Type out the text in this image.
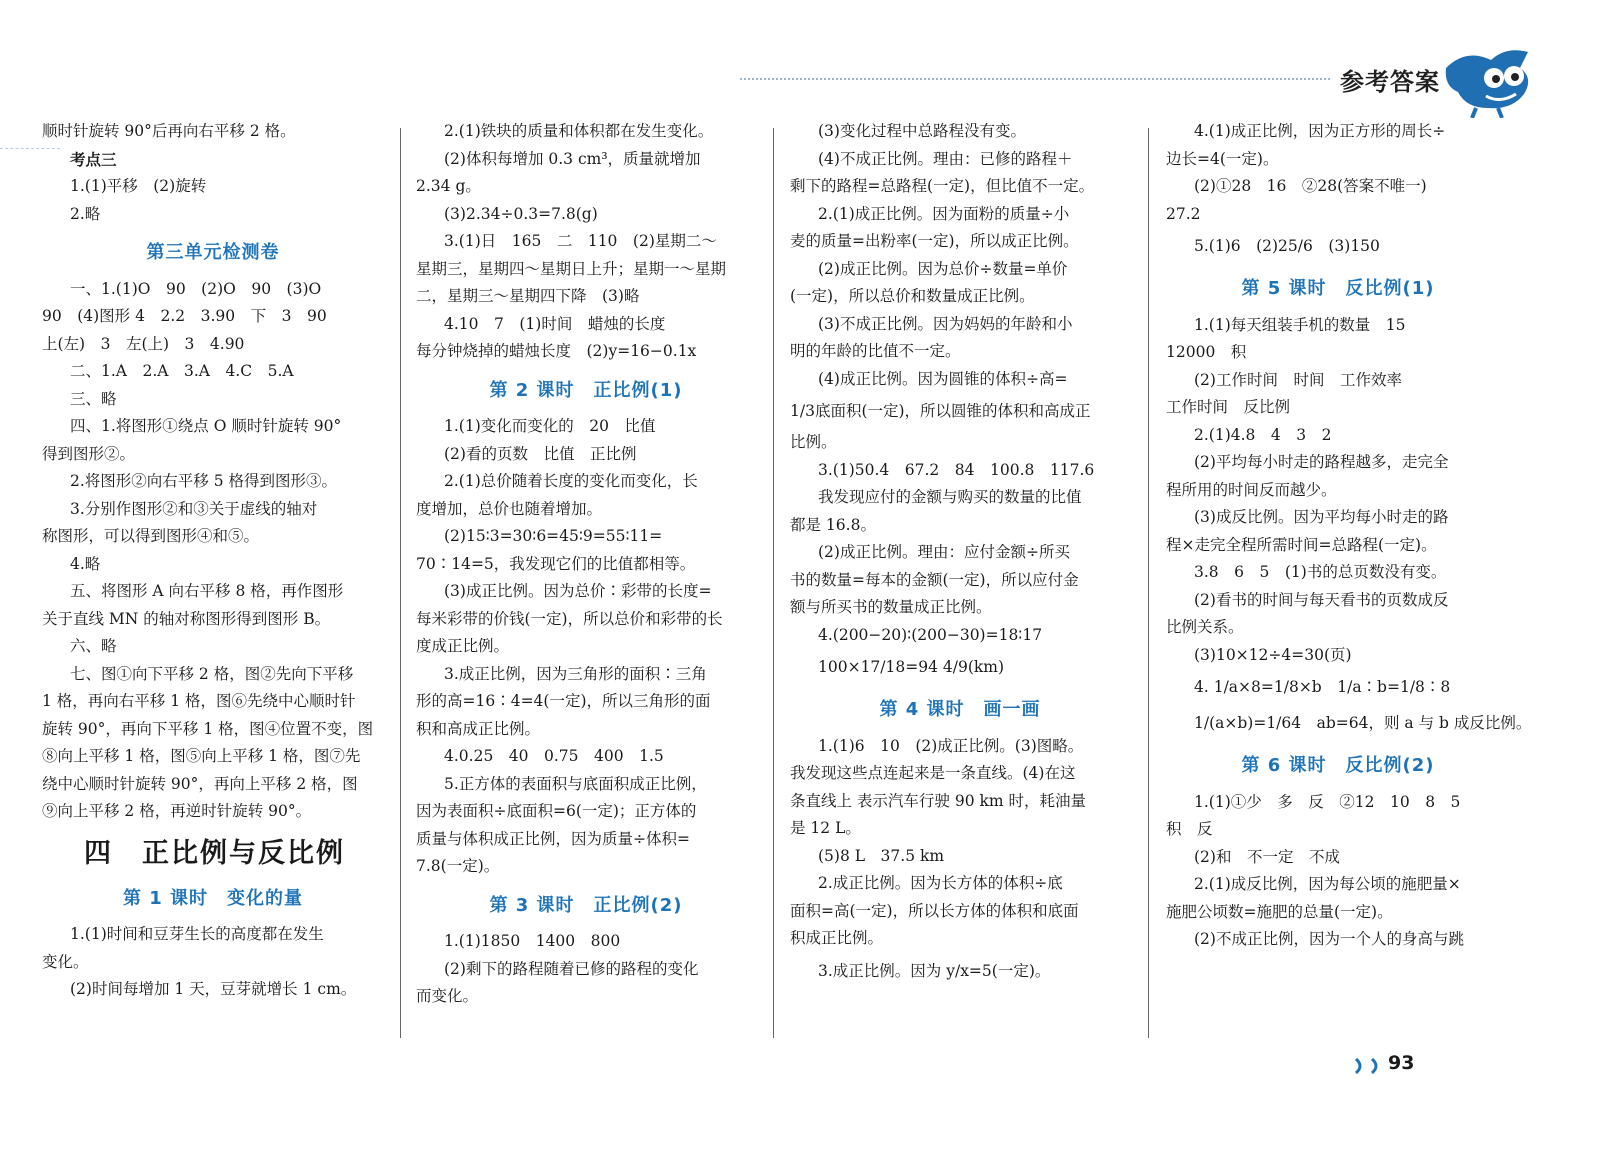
参考答案
顺时针旋转 90°后再向右平移 2 格。
考点三
1.(1)平移　(2)旋转
2.略
第三单元检测卷
一、1.(1)O　90　(2)O　90　(3)O
90　(4)图形 4　2.2　3.90　下　3　90
上(左)　3　左(上)　3　4.90
二、1.A　2.A　3.A　4.C　5.A
三、略
四、1.将图形①绕点 O 顺时针旋转 90°
得到图形②。
2.将图形②向右平移 5 格得到图形③。
3.分别作图形②和③关于虚线的轴对
称图形，可以得到图形④和⑤。
4.略
五、将图形 A 向右平移 8 格，再作图形
关于直线 MN 的轴对称图形得到图形 B。
六、略
七、图①向下平移 2 格，图②先向下平移
1 格，再向右平移 1 格，图⑥先绕中心顺时针
旋转 90°，再向下平移 1 格，图④位置不变，图
⑧向上平移 1 格，图⑤向上平移 1 格，图⑦先
绕中心顺时针旋转 90°，再向上平移 2 格，图
⑨向上平移 2 格，再逆时针旋转 90°。
四　正比例与反比例
第 1 课时　变化的量
1.(1)时间和豆芽生长的高度都在发生
变化。
(2)时间每增加 1 天，豆芽就增长 1 cm。
2.(1)铁块的质量和体积都在发生变化。
(2)体积每增加 0.3 cm³，质量就增加
2.34 g。
(3)2.34÷0.3=7.8(g)
3.(1)日　165　二　110　(2)星期二～
星期三，星期四～星期日上升；星期一～星期
二，星期三～星期四下降　(3)略
4.10　7　(1)时间　蜡烛的长度
每分钟烧掉的蜡烛长度　(2)y=16−0.1x
第 2 课时　正比例(1)
1.(1)变化而变化的　20　比值
(2)看的页数　比值　正比例
2.(1)总价随着长度的变化而变化，长
度增加，总价也随着增加。
(2)15∶3=30∶6=45∶9=55∶11=
70∶14=5，我发现它们的比值都相等。
(3)成正比例。因为总价∶彩带的长度=
每米彩带的价钱(一定)，所以总价和彩带的长
度成正比例。
3.成正比例，因为三角形的面积∶三角
形的高=16∶4=4(一定)，所以三角形的面
积和高成正比例。
4.0.25　40　0.75　400　1.5
5.正方体的表面积与底面积成正比例，
因为表面积÷底面积=6(一定)；正方体的
质量与体积成正比例，因为质量÷体积=
7.8(一定)。
第 3 课时　正比例(2)
1.(1)1850　1400　800
(2)剩下的路程随着已修的路程的变化
而变化。
(3)变化过程中总路程没有变。
(4)不成正比例。理由：已修的路程＋
剩下的路程=总路程(一定)，但比值不一定。
2.(1)成正比例。因为面粉的质量÷小
麦的质量=出粉率(一定)，所以成正比例。
(2)成正比例。因为总价÷数量=单价
(一定)，所以总价和数量成正比例。
(3)不成正比例。因为妈妈的年龄和小
明的年龄的比值不一定。
(4)成正比例。因为圆锥的体积÷高=
1/3底面积(一定)，所以圆锥的体积和高成正
比例。
3.(1)50.4　67.2　84　100.8　117.6
我发现应付的金额与购买的数量的比值
都是 16.8。
(2)成正比例。理由：应付金额÷所买
书的数量=每本的金额(一定)，所以应付金
额与所买书的数量成正比例。
4.(200−20)∶(200−30)=18∶17
100×17/18=94 4/9(km)
第 4 课时　画一画
1.(1)6　10　(2)成正比例。(3)图略。
我发现这些点连起来是一条直线。(4)在这
条直线上 表示汽车行驶 90 km 时，耗油量
是 12 L。
(5)8 L　37.5 km
2.成正比例。因为长方体的体积÷底
面积=高(一定)，所以长方体的体积和底面
积成正比例。
3.成正比例。因为 y/x=5(一定)。
4.(1)成正比例，因为正方形的周长÷
边长=4(一定)。
(2)①28　16　②28(答案不唯一)
27.2
5.(1)6　(2)25/6　(3)150
第 5 课时　反比例(1)
1.(1)每天组装手机的数量　15
12000　积
(2)工作时间　时间　工作效率
工作时间　反比例
2.(1)4.8　4　3　2
(2)平均每小时走的路程越多，走完全
程所用的时间反而越少。
(3)成反比例。因为平均每小时走的路
程×走完全程所需时间=总路程(一定)。
3.8　6　5　(1)书的总页数没有变。
(2)看书的时间与每天看书的页数成反
比例关系。
(3)10×12÷4=30(页)
4. 1/a×8=1/8×b　1/a∶b=1/8∶8
1/(a×b)=1/64　ab=64，则 a 与 b 成反比例。
第 6 课时　反比例(2)
1.(1)①少　多　反　②12　10　8　5
积　反
(2)和　不一定　不成
2.(1)成反比例，因为每公顷的施肥量×
施肥公顷数=施肥的总量(一定)。
(2)不成正比例，因为一个人的身高与跳
93
